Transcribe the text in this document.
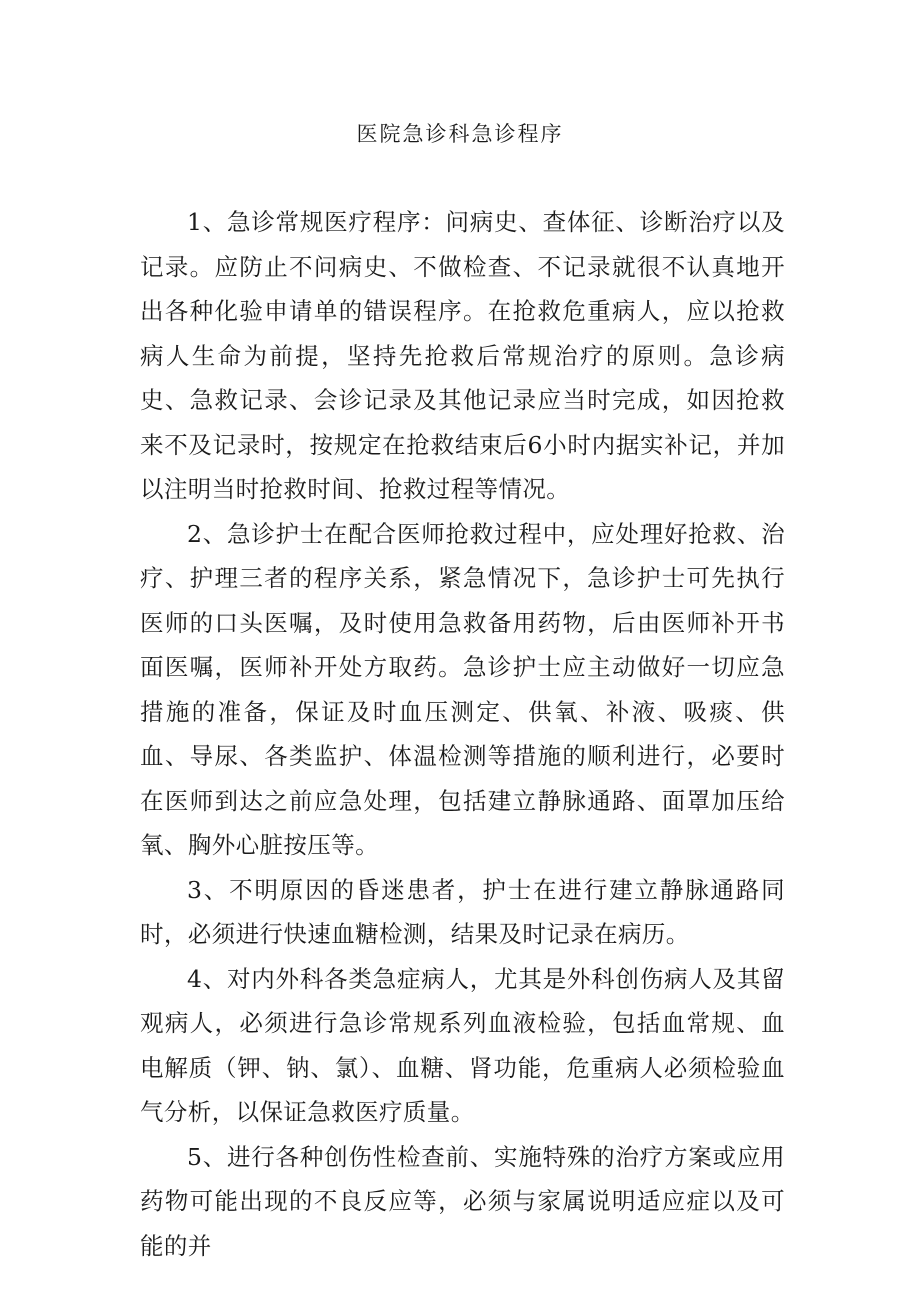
医院急诊科急诊程序

1、急诊常规医疗程序：问病史、查体征、诊断治疗以及记录。应防止不问病史、不做检查、不记录就很不认真地开出各种化验申请单的错误程序。在抢救危重病人，应以抢救病人生命为前提，坚持先抢救后常规治疗的原则。急诊病史、急救记录、会诊记录及其他记录应当时完成，如因抢救来不及记录时，按规定在抢救结束后6小时内据实补记，并加以注明当时抢救时间、抢救过程等情况。

2、急诊护士在配合医师抢救过程中，应处理好抢救、治疗、护理三者的程序关系，紧急情况下，急诊护士可先执行医师的口头医嘱，及时使用急救备用药物，后由医师补开书面医嘱，医师补开处方取药。急诊护士应主动做好一切应急措施的准备，保证及时血压测定、供氧、补液、吸痰、供血、导尿、各类监护、体温检测等措施的顺利进行，必要时在医师到达之前应急处理，包括建立静脉通路、面罩加压给氧、胸外心脏按压等。

3、不明原因的昏迷患者，护士在进行建立静脉通路同时，必须进行快速血糖检测，结果及时记录在病历。

4、对内外科各类急症病人，尤其是外科创伤病人及其留观病人，必须进行急诊常规系列血液检验，包括血常规、血电解质（钾、钠、氯）、血糖、肾功能，危重病人必须检验血气分析，以保证急救医疗质量。

5、进行各种创伤性检查前、实施特殊的治疗方案或应用药物可能出现的不良反应等，必须与家属说明适应症以及可能的并
